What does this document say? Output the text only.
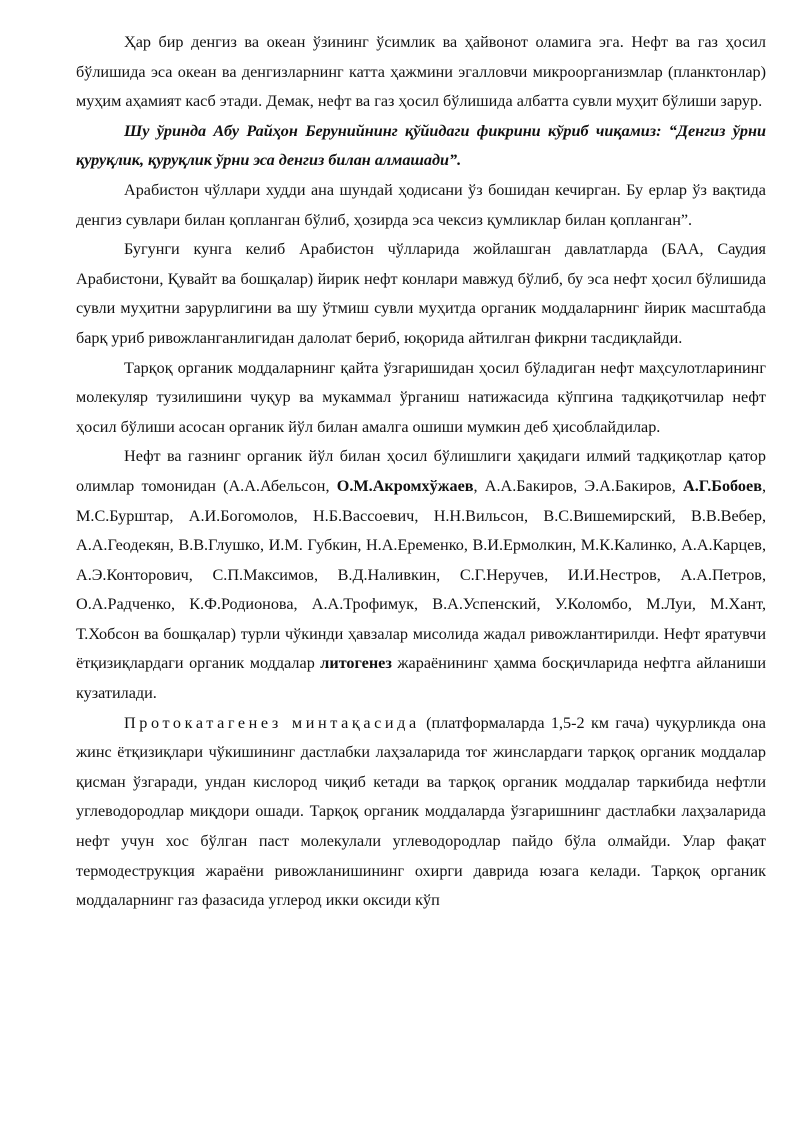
Ҳар бир денгиз ва океан ўзининг ўсимлик ва ҳайвонот оламига эга. Нефт ва газ ҳосил бўлишида эса океан ва денгизларнинг катта ҳажмини эгалловчи микроорганизмлар (планктонлар) муҳим аҳамият касб этади. Демак, нефт ва газ ҳосил бўлишида албатта сувли муҳит бўлиши зарур.

Шу ўринда Абу Райҳон Берунийнинг қўйидаги фикрини кўриб чиқамиз: “Денгиз ўрни қуруқлик, қуруқлик ўрни эса денгиз билан алмашади”.

Арабистон чўллари худди ана шундай ҳодисани ўз бошидан кечирган. Бу ерлар ўз вақтида денгиз сувлари билан қопланган бўлиб, ҳозирда эса чексиз қумликлар билан қопланган”.

Бугунги кунга келиб Арабистон чўлларида жойлашган давлатларда (БАА, Саудия Арабистони, Қувайт ва бошқалар) йирик нефт конлари мавжуд бўлиб, бу эса нефт ҳосил бўлишида сувли муҳитни зарурлигини ва шу ўтмиш сувли муҳитда органик моддаларнинг йирик масштабда барқ уриб ривожланганлигидан далолат бериб, юқорида айтилган фикрни тасдиқлайди.

Тарқоқ органик моддаларнинг қайта ўзгаришидан ҳосил бўладиган нефт маҳсулотларининг молекуляр тузилишини чуқур ва мукаммал ўрганиш натижасида кўпгина тадқиқотчилар нефт ҳосил бўлиши асосан органик йўл билан амалга ошиши мумкин деб ҳисоблайдилар.

Нефт ва газнинг органик йўл билан ҳосил бўлишлиги ҳақидаги илмий тадқиқотлар қатор олимлар томонидан (А.А.Абельсон, О.М.Акромхўжаев, А.А.Бакиров, Э.А.Бакиров, А.Г.Бобоев, М.С.Бурштар, А.И.Богомолов, Н.Б.Вассоевич, Н.Н.Вильсон, В.С.Вишемирский, В.В.Вебер, А.А.Геодекян, В.В.Глушко, И.М. Губкин, Н.А.Еременко, В.И.Ермолкин, М.К.Калинко, А.А.Карцев, А.Э.Конторович, С.П.Максимов, В.Д.Наливкин, С.Г.Неручев, И.И.Нестров, А.А.Петров, О.А.Радченко, К.Ф.Родионова, А.А.Трофимук, В.А.Успенский, У.Коломбо, М.Луи, М.Хант, Т.Хобсон ва бошқалар) турли чўкинди ҳавзалар мисолида жадал ривожлантирилди. Нефт яратувчи ётқизиқлардаги органик моддалар литогенез жараёнининг ҳамма босқичларида нефтга айланиши кузатилади.

Протокатагенез минтақасида (платформаларда 1,5-2 км гача) чуқурликда она жинс ётқизиқлари чўкишининг дастлабки лаҳзаларида тоғ жинслардаги тарқоқ органик моддалар қисман ўзгаради, ундан кислород чиқиб кетади ва тарқоқ органик моддалар таркибида нефтли углеводородлар миқдори ошади. Тарқоқ органик моддаларда ўзгаришнинг дастлабки лаҳзаларида нефт учун хос бўлган паст молекулали углеводородлар пайдо бўла олмайди. Улар фақат термодеструкция жараёни ривожланишининг охирги даврида юзага келади. Тарқоқ органик моддаларнинг газ фазасида углерод икки оксиди кўп
